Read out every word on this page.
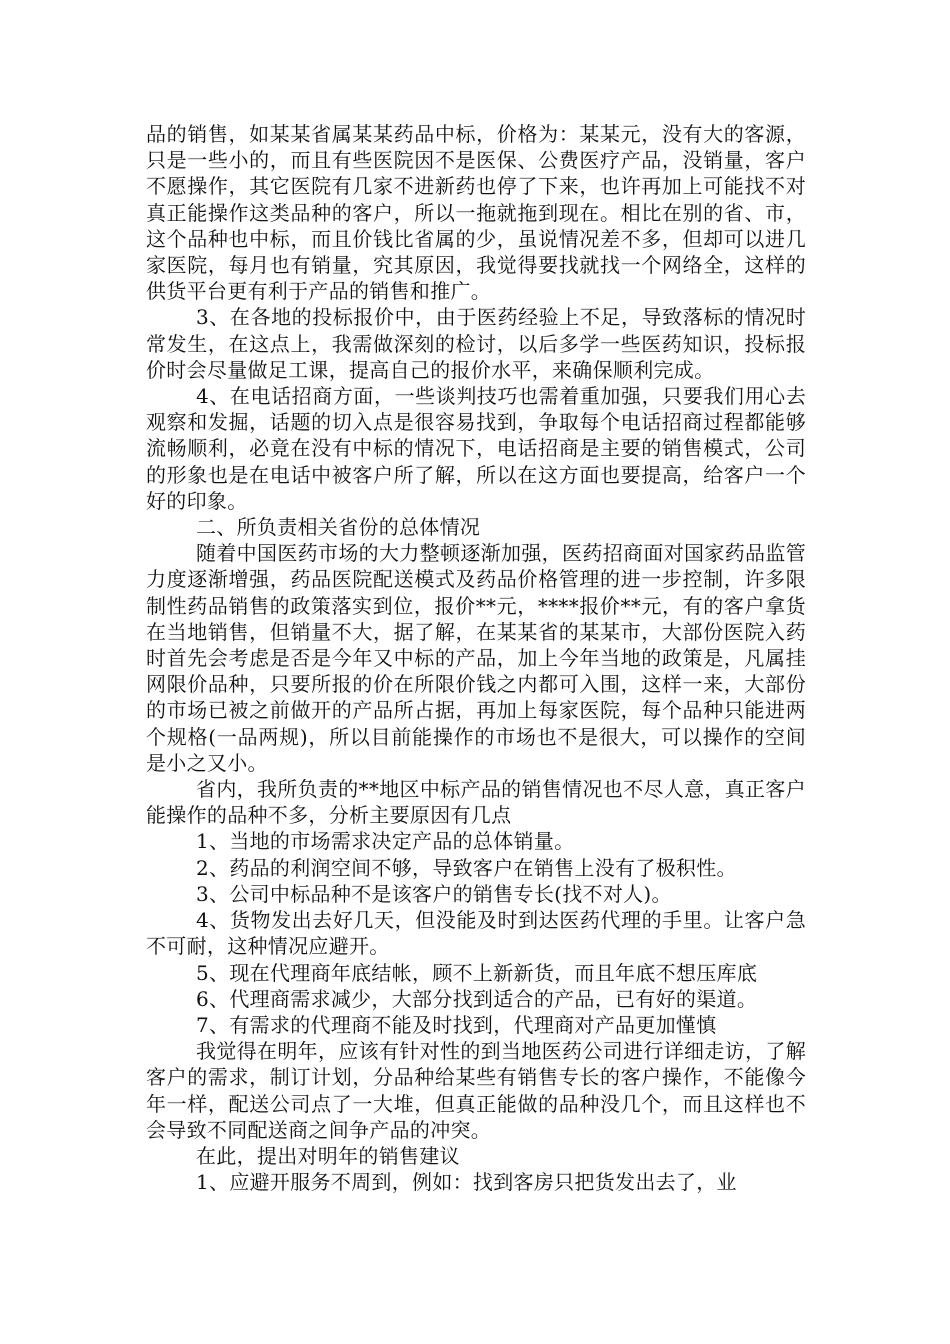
品的销售，如某某省属某某药品中标，价格为：某某元，没有大的客源，只是一些小的，而且有些医院因不是医保、公费医疗产品，没销量，客户不愿操作，其它医院有几家不进新药也停了下来，也许再加上可能找不对真正能操作这类品种的客户，所以一拖就拖到现在。相比在别的省、市，这个品种也中标，而且价钱比省属的少，虽说情况差不多，但却可以进几家医院，每月也有销量，究其原因，我觉得要找就找一个网络全，这样的供货平台更有利于产品的销售和推广。

3、在各地的投标报价中，由于医药经验上不足，导致落标的情况时常发生，在这点上，我需做深刻的检讨，以后多学一些医药知识，投标报价时会尽量做足工课，提高自己的报价水平，来确保顺利完成。

4、在电话招商方面，一些谈判技巧也需着重加强，只要我们用心去观察和发掘，话题的切入点是很容易找到，争取每个电话招商过程都能够流畅顺利，必竟在没有中标的情况下，电话招商是主要的销售模式，公司的形象也是在电话中被客户所了解，所以在这方面也要提高，给客户一个好的印象。

二、所负责相关省份的总体情况

随着中国医药市场的大力整顿逐渐加强，医药招商面对国家药品监管力度逐渐增强，药品医院配送模式及药品价格管理的进一步控制，许多限制性药品销售的政策落实到位，报价**元，****报价**元，有的客户拿货在当地销售，但销量不大，据了解，在某某省的某某市，大部份医院入药时首先会考虑是否是今年又中标的产品，加上今年当地的政策是，凡属挂网限价品种，只要所报的价在所限价钱之内都可入围，这样一来，大部份的市场已被之前做开的产品所占据，再加上每家医院，每个品种只能进两个规格(一品两规)，所以目前能操作的市场也不是很大，可以操作的空间是小之又小。

省内，我所负责的**地区中标产品的销售情况也不尽人意，真正客户能操作的品种不多，分析主要原因有几点

1、当地的市场需求决定产品的总体销量。

2、药品的利润空间不够，导致客户在销售上没有了极积性。

3、公司中标品种不是该客户的销售专长(找不对人)。

4、货物发出去好几天，但没能及时到达医药代理的手里。让客户急不可耐，这种情况应避开。

5、现在代理商年底结帐，顾不上新新货，而且年底不想压库底

6、代理商需求减少，大部分找到适合的产品，已有好的渠道。

7、有需求的代理商不能及时找到，代理商对产品更加慬慎

我觉得在明年，应该有针对性的到当地医药公司进行详细走访，了解客户的需求，制订计划，分品种给某些有销售专长的客户操作，不能像今年一样，配送公司点了一大堆，但真正能做的品种没几个，而且这样也不会导致不同配送商之间争产品的冲突。

在此，提出对明年的销售建议

1、应避开服务不周到，例如：找到客房只把货发出去了，业
